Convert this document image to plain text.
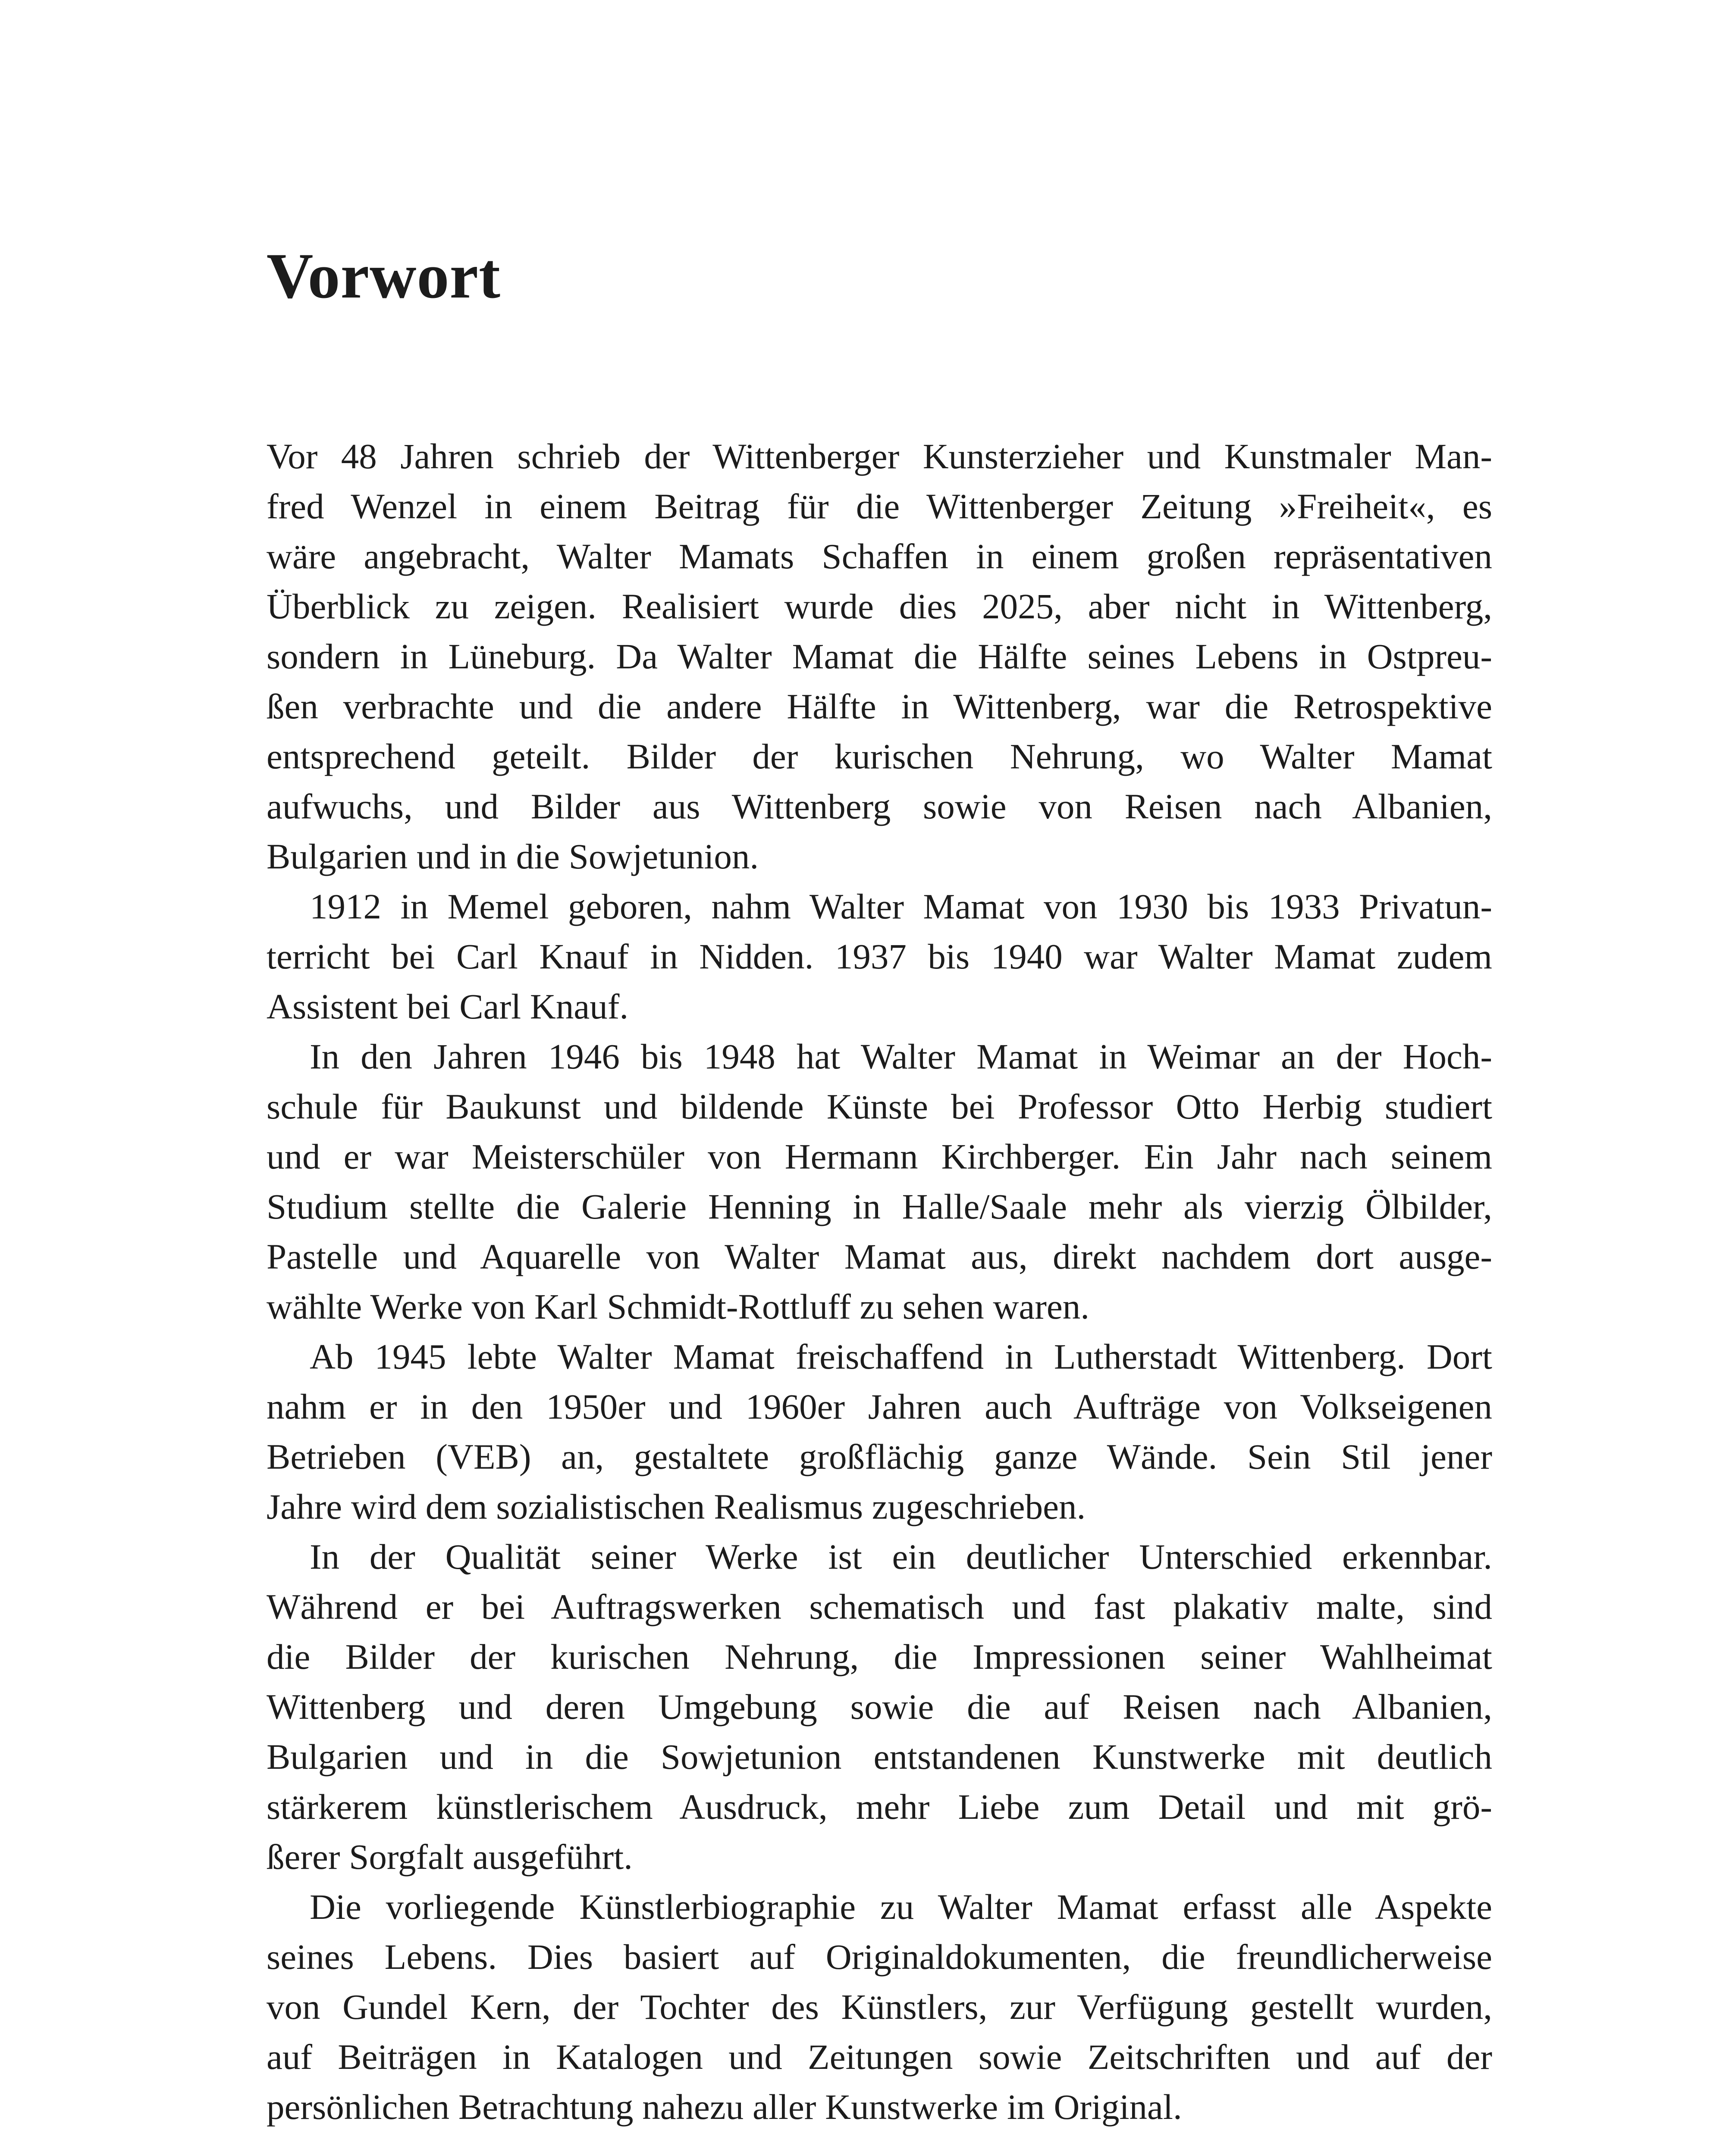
Vorwort

Vor 48 Jahren schrieb der Wittenberger Kunsterzieher und Kunstmaler Man-
fred Wenzel in einem Beitrag für die Wittenberger Zeitung »Freiheit«, es
wäre angebracht, Walter Mamats Schaffen in einem großen repräsentativen
Überblick zu zeigen. Realisiert wurde dies 2025, aber nicht in Wittenberg,
sondern in Lüneburg. Da Walter Mamat die Hälfte seines Lebens in Ostpreu-
ßen verbrachte und die andere Hälfte in Wittenberg, war die Retrospektive
entsprechend geteilt. Bilder der kurischen Nehrung, wo Walter Mamat
aufwuchs, und Bilder aus Wittenberg sowie von Reisen nach Albanien,
Bulgarien und in die Sowjetunion.

1912 in Memel geboren, nahm Walter Mamat von 1930 bis 1933 Privatun-
terricht bei Carl Knauf in Nidden. 1937 bis 1940 war Walter Mamat zudem
Assistent bei Carl Knauf.

In den Jahren 1946 bis 1948 hat Walter Mamat in Weimar an der Hoch-
schule für Baukunst und bildende Künste bei Professor Otto Herbig studiert
und er war Meisterschüler von Hermann Kirchberger. Ein Jahr nach seinem
Studium stellte die Galerie Henning in Halle/Saale mehr als vierzig Ölbilder,
Pastelle und Aquarelle von Walter Mamat aus, direkt nachdem dort ausge-
wählte Werke von Karl Schmidt-Rottluff zu sehen waren.

Ab 1945 lebte Walter Mamat freischaffend in Lutherstadt Wittenberg. Dort
nahm er in den 1950er und 1960er Jahren auch Aufträge von Volkseigenen
Betrieben (VEB) an, gestaltete großflächig ganze Wände. Sein Stil jener
Jahre wird dem sozialistischen Realismus zugeschrieben.

In der Qualität seiner Werke ist ein deutlicher Unterschied erkennbar.
Während er bei Auftragswerken schematisch und fast plakativ malte, sind
die Bilder der kurischen Nehrung, die Impressionen seiner Wahlheimat
Wittenberg und deren Umgebung sowie die auf Reisen nach Albanien,
Bulgarien und in die Sowjetunion entstandenen Kunstwerke mit deutlich
stärkerem künstlerischem Ausdruck, mehr Liebe zum Detail und mit grö-
ßerer Sorgfalt ausgeführt.

Die vorliegende Künstlerbiographie zu Walter Mamat erfasst alle Aspekte
seines Lebens. Dies basiert auf Originaldokumenten, die freundlicherweise
von Gundel Kern, der Tochter des Künstlers, zur Verfügung gestellt wurden,
auf Beiträgen in Katalogen und Zeitungen sowie Zeitschriften und auf der
persönlichen Betrachtung nahezu aller Kunstwerke im Original.
